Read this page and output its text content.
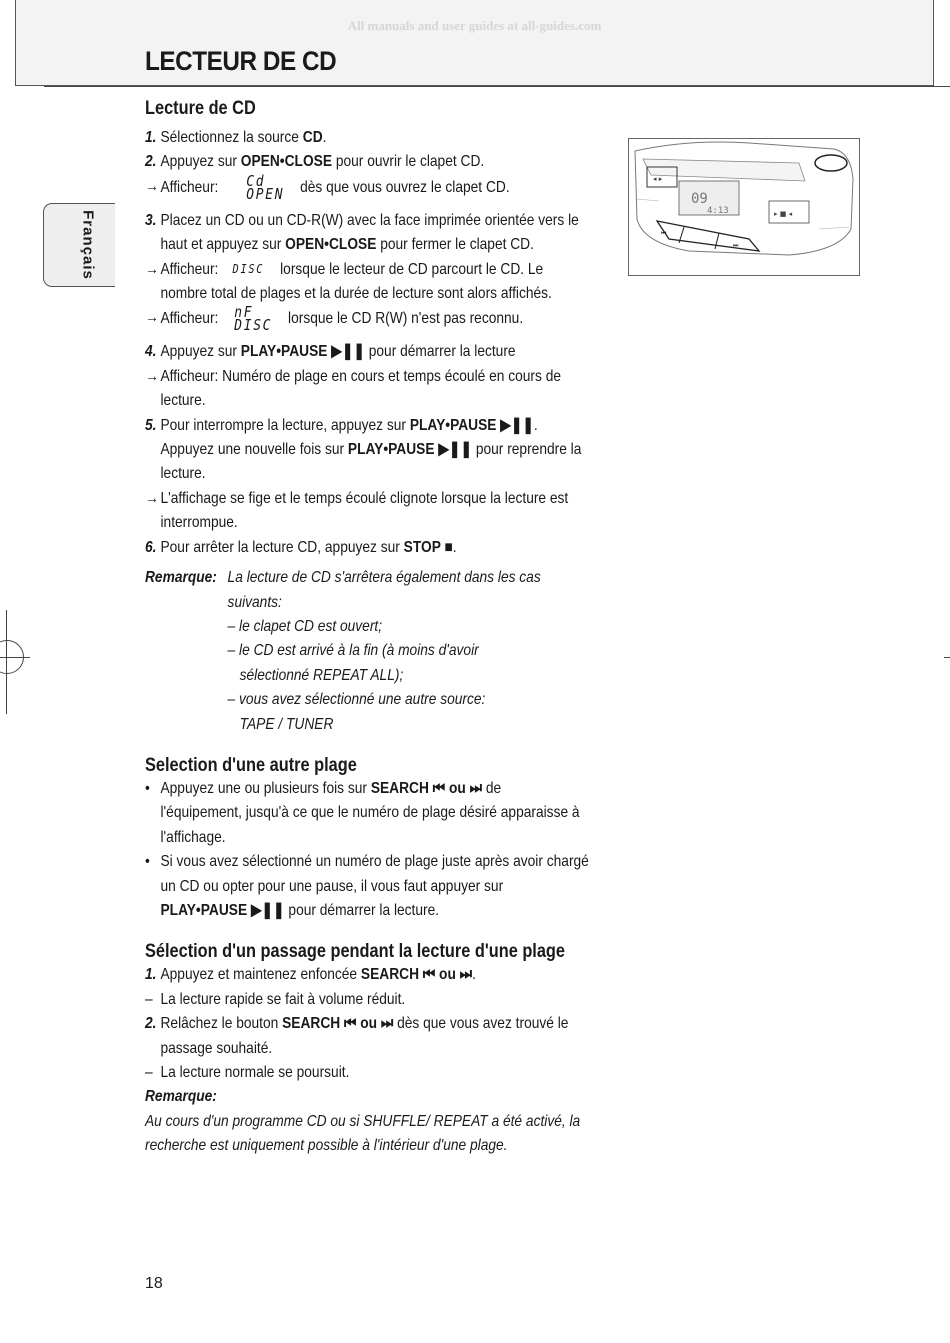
All manuals and user guides at all-guides.com
LECTEUR DE CD
Français
Lecture de CD
1. Sélectionnez la source CD.
2. Appuyez sur OPEN•CLOSE pour ouvrir le clapet CD.
→ Afficheur: Cd
OPEN dès que vous ouvrez le clapet CD.
3. Placez un CD ou un CD-R(W) avec la face imprimée orientée vers le
haut et appuyez sur OPEN•CLOSE pour fermer le clapet CD.
→ Afficheur: DISC lorsque le lecteur de CD parcourt le CD. Le
nombre total de plages et la durée de lecture sont alors affichés.
→ Afficheur: nF
DISC lorsque le CD R(W) n'est pas reconnu.
4. Appuyez sur PLAY•PAUSE ▶❚❚ pour démarrer la lecture
→ Afficheur: Numéro de plage en cours et temps écoulé en cours de
lecture.
5. Pour interrompre la lecture, appuyez sur PLAY•PAUSE ▶❚❚.
Appuyez une nouvelle fois sur PLAY•PAUSE ▶❚❚ pour reprendre la
lecture.
→ L'affichage se fige et le temps écoulé clignote lorsque la lecture est
interrompue.
6. Pour arrêter la lecture CD, appuyez sur STOP ■.
Remarque: La lecture de CD s'arrêtera également dans les cas
suivants:
– le clapet CD est ouvert;
– le CD est arrivé à la fin (à moins d'avoir
sélectionné REPEAT ALL);
– vous avez sélectionné une autre source:
TAPE / TUNER
Selection d'une autre plage
• Appuyez une ou plusieurs fois sur SEARCH ⏮ ou ⏭ de
l'équipement, jusqu'à ce que le numéro de plage désiré apparaisse à
l'affichage.
• Si vous avez sélectionné un numéro de plage juste après avoir chargé
un CD ou opter pour une pause, il vous faut appuyer sur
PLAY•PAUSE ▶❚❚ pour démarrer la lecture.
Sélection d'un passage pendant la lecture d'une plage
1. Appuyez et maintenez enfoncée SEARCH ⏮ ou ⏭.
– La lecture rapide se fait à volume réduit.
2. Relâchez le bouton SEARCH ⏮ ou ⏭ dès que vous avez trouvé le
passage souhaité.
– La lecture normale se poursuit.
Remarque:
Au cours d'un programme CD ou si SHUFFLE/ REPEAT a été activé, la
recherche est uniquement possible à l'intérieur d'une plage.
◂ ▸
09
4:13	▸ ■ ◂
⏮
⏭
18
